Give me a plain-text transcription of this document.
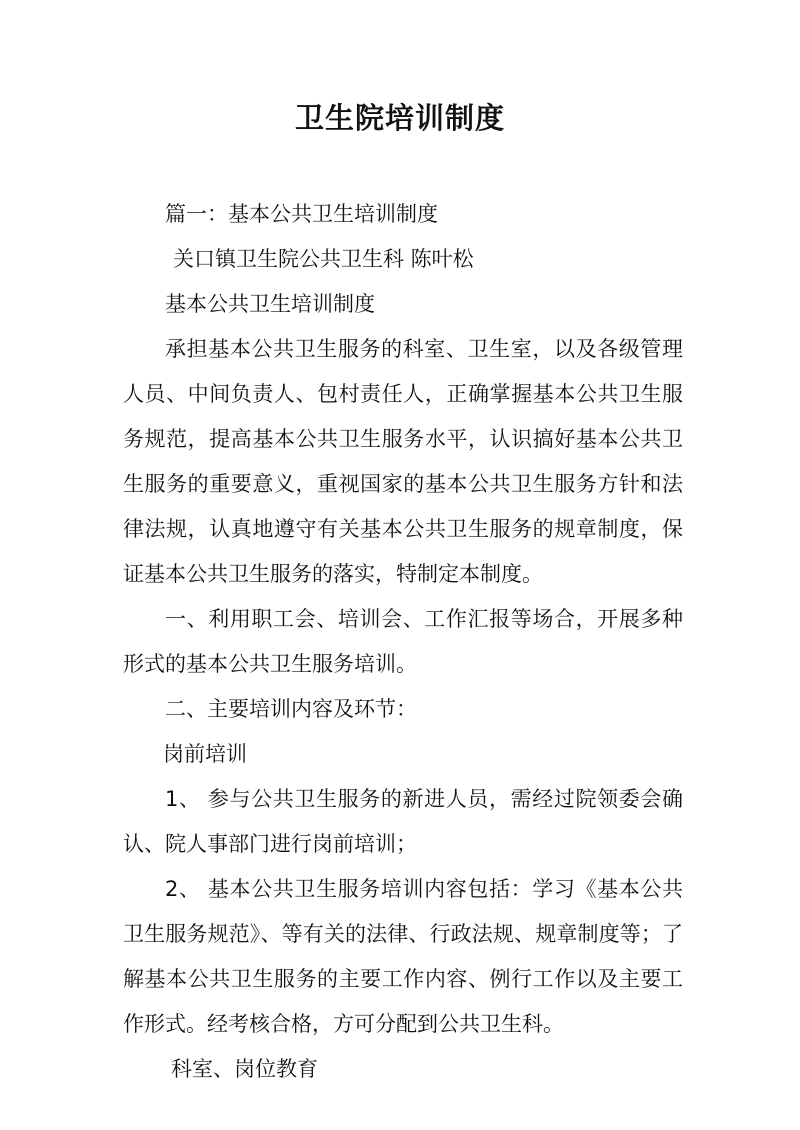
卫生院培训制度

篇一：基本公共卫生培训制度

关口镇卫生院公共卫生科 陈叶松

基本公共卫生培训制度

承担基本公共卫生服务的科室、卫生室，以及各级管理人员、中间负责人、包村责任人，正确掌握基本公共卫生服务规范，提高基本公共卫生服务水平，认识搞好基本公共卫生服务的重要意义，重视国家的基本公共卫生服务方针和法律法规，认真地遵守有关基本公共卫生服务的规章制度，保证基本公共卫生服务的落实，特制定本制度。

一、利用职工会、培训会、工作汇报等场合，开展多种形式的基本公共卫生服务培训。

二、主要培训内容及环节：

岗前培训

1、 参与公共卫生服务的新进人员，需经过院领委会确认、院人事部门进行岗前培训；

2、 基本公共卫生服务培训内容包括：学习《基本公共卫生服务规范》、等有关的法律、行政法规、规章制度等；了解基本公共卫生服务的主要工作内容、例行工作以及主要工作形式。经考核合格，方可分配到公共卫生科。

科室、岗位教育
